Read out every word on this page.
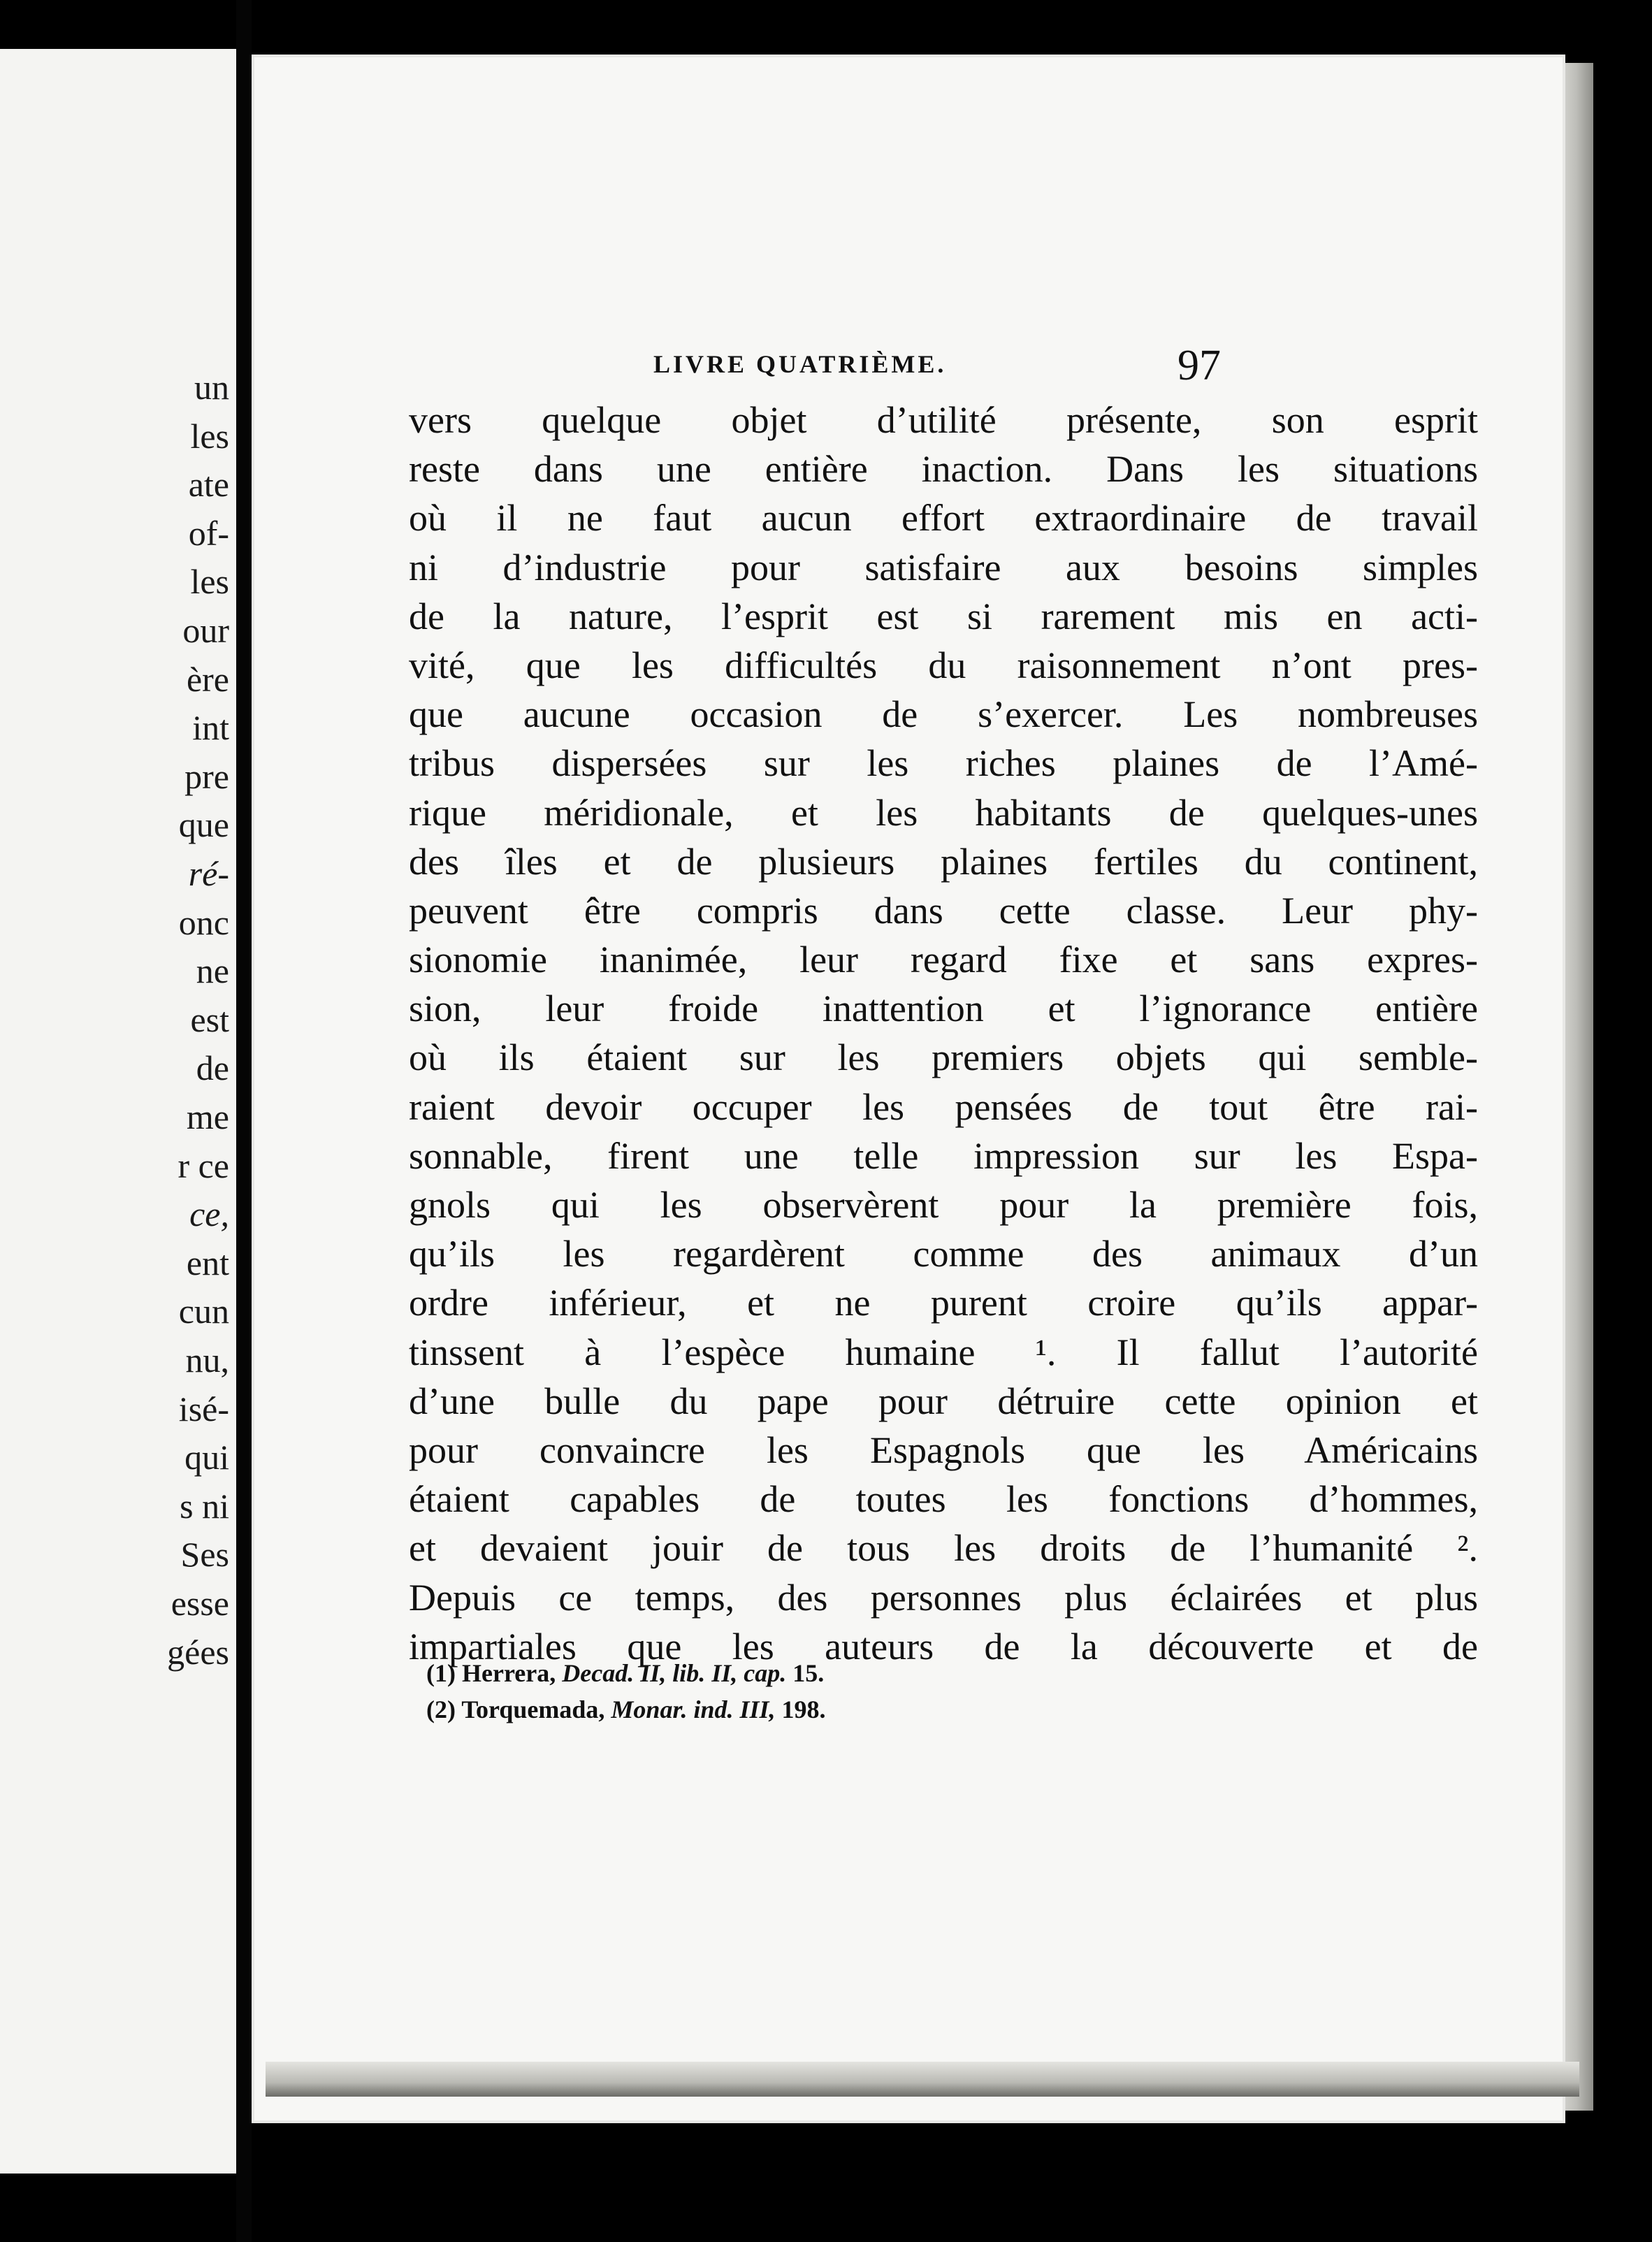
un
les
ate
of-
les
our
ère
int
pre
que
ré-
onc
ne
est
de
me
r ce
ce,
ent
cun
nu,
isé-
qui
s ni
Ses
esse
gées
LIVRE QUATRIÈME.	97
vers quelque objet d’utilité présente, son esprit
reste dans une entière inaction. Dans les situations
où il ne faut aucun effort extraordinaire de travail
ni d’industrie pour satisfaire aux besoins simples
de la nature, l’esprit est si rarement mis en acti-
vité, que les difficultés du raisonnement n’ont pres-
que aucune occasion de s’exercer. Les nombreuses
tribus dispersées sur les riches plaines de l’Amé-
rique méridionale, et les habitants de quelques-unes
des îles et de plusieurs plaines fertiles du continent,
peuvent être compris dans cette classe. Leur phy-
sionomie inanimée, leur regard fixe et sans expres-
sion, leur froide inattention et l’ignorance entière
où ils étaient sur les premiers objets qui semble-
raient devoir occuper les pensées de tout être rai-
sonnable, firent une telle impression sur les Espa-
gnols qui les observèrent pour la première fois,
qu’ils les regardèrent comme des animaux d’un
ordre inférieur, et ne purent croire qu’ils appar-
tinssent à l’espèce humaine ¹. Il fallut l’autorité
d’une bulle du pape pour détruire cette opinion et
pour convaincre les Espagnols que les Américains
étaient capables de toutes les fonctions d’hommes,
et devaient jouir de tous les droits de l’humanité ².
Depuis ce temps, des personnes plus éclairées et plus
impartiales que les auteurs de la découverte et de
(1) Herrera, Decad. II, lib. II, cap. 15.
(2) Torquemada, Monar. ind. III, 198.
